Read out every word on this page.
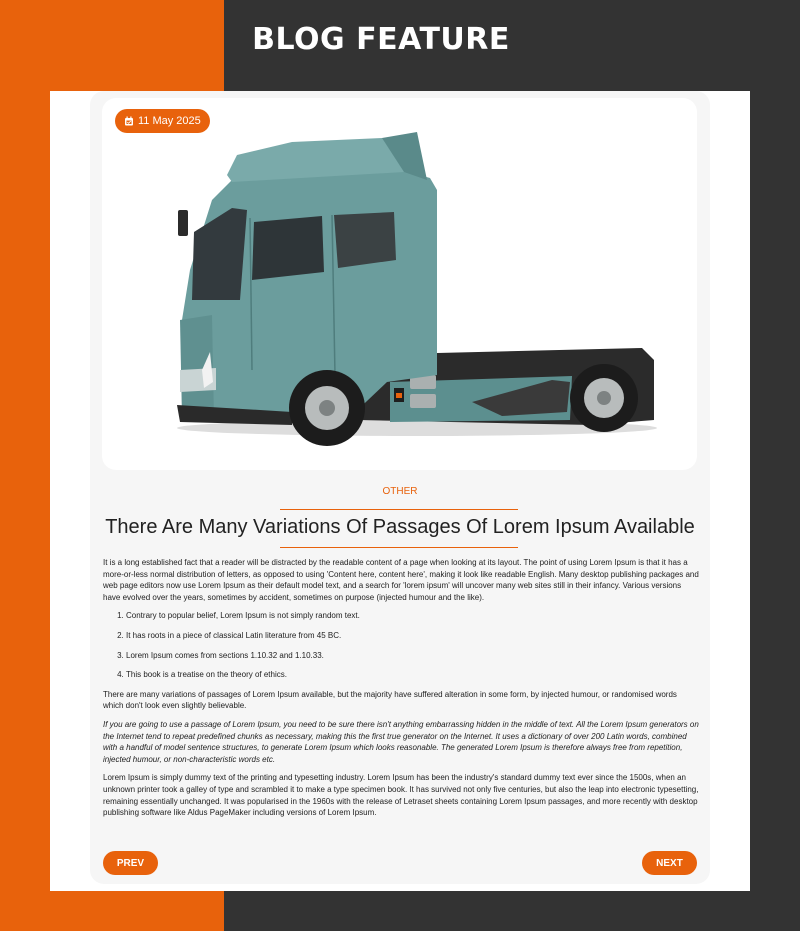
BLOG FEATURE
11 May 2025
OTHER
There Are Many Variations Of Passages Of Lorem Ipsum Available

It is a long established fact that a reader will be distracted by the readable content of a page when looking at its layout. The point of using Lorem Ipsum is that it has a more-or-less normal distribution of letters, as opposed to using 'Content here, content here', making it look like readable English. Many desktop publishing packages and web page editors now use Lorem Ipsum as their default model text, and a search for 'lorem ipsum' will uncover many web sites still in their infancy. Various versions have evolved over the years, sometimes by accident, sometimes on purpose (injected humour and the like).

1. Contrary to popular belief, Lorem Ipsum is not simply random text.
2. It has roots in a piece of classical Latin literature from 45 BC.
3. Lorem Ipsum comes from sections 1.10.32 and 1.10.33.
4. This book is a treatise on the theory of ethics.

There are many variations of passages of Lorem Ipsum available, but the majority have suffered alteration in some form, by injected humour, or randomised words which don't look even slightly believable.

If you are going to use a passage of Lorem Ipsum, you need to be sure there isn't anything embarrassing hidden in the middle of text. All the Lorem Ipsum generators on the Internet tend to repeat predefined chunks as necessary, making this the first true generator on the Internet. It uses a dictionary of over 200 Latin words, combined with a handful of model sentence structures, to generate Lorem Ipsum which looks reasonable. The generated Lorem Ipsum is therefore always free from repetition, injected humour, or non-characteristic words etc.

Lorem Ipsum is simply dummy text of the printing and typesetting industry. Lorem Ipsum has been the industry's standard dummy text ever since the 1500s, when an unknown printer took a galley of type and scrambled it to make a type specimen book. It has survived not only five centuries, but also the leap into electronic typesetting, remaining essentially unchanged. It was popularised in the 1960s with the release of Letraset sheets containing Lorem Ipsum passages, and more recently with desktop publishing software like Aldus PageMaker including versions of Lorem Ipsum.

PREV	NEXT
